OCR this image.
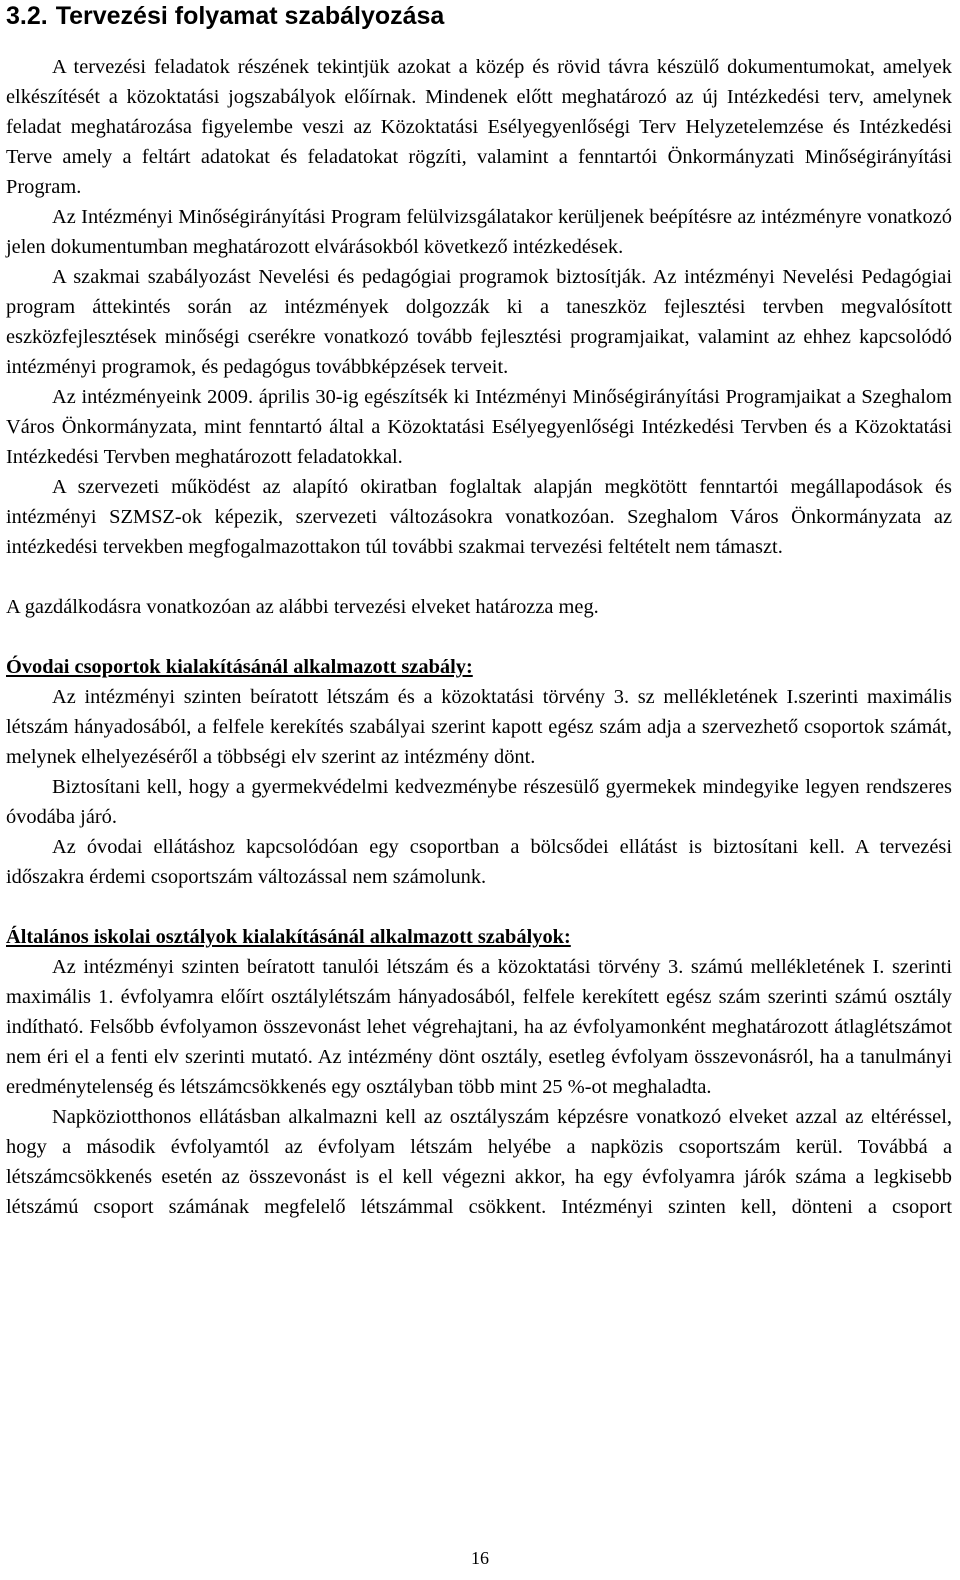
3.2. Tervezési folyamat szabályozása

A tervezési feladatok részének tekintjük azokat a közép és rövid távra készülő dokumentumokat, amelyek elkészítését a közoktatási jogszabályok előírnak. Mindenek előtt meghatározó az új Intézkedési terv, amelynek feladat meghatározása figyelembe veszi az Közoktatási Esélyegyenlőségi Terv Helyzetelemzése és Intézkedési Terve amely a feltárt adatokat és feladatokat rögzíti, valamint a fenntartói Önkormányzati Minőségirányítási Program.

Az Intézményi Minőségirányítási Program felülvizsgálatakor kerüljenek beépítésre az intézményre vonatkozó jelen dokumentumban meghatározott elvárásokból következő intézkedések.

A szakmai szabályozást Nevelési és pedagógiai programok biztosítják. Az intézményi Nevelési Pedagógiai program áttekintés során az intézmények dolgozzák ki a taneszköz fejlesztési tervben megvalósított eszközfejlesztések minőségi cserékre vonatkozó tovább fejlesztési programjaikat, valamint az ehhez kapcsolódó intézményi programok, és pedagógus továbbképzések terveit.

Az intézményeink 2009. április 30-ig egészítsék ki Intézményi Minőségirányítási Programjaikat a Szeghalom Város Önkormányzata, mint fenntartó által a Közoktatási Esélyegyenlőségi Intézkedési Tervben és a Közoktatási Intézkedési Tervben meghatározott feladatokkal.

A szervezeti működést az alapító okiratban foglaltak alapján megkötött fenntartói megállapodások és intézményi SZMSZ-ok képezik, szervezeti változásokra vonatkozóan. Szeghalom Város Önkormányzata az intézkedési tervekben megfogalmazottakon túl további szakmai tervezési feltételt nem támaszt.

A gazdálkodásra vonatkozóan az alábbi tervezési elveket határozza meg.

Óvodai csoportok kialakításánál alkalmazott szabály:

Az intézményi szinten beíratott létszám és a közoktatási törvény 3. sz mellékletének I.szerinti maximális létszám hányadosából, a felfele kerekítés szabályai szerint kapott egész szám adja a szervezhető csoportok számát, melynek elhelyezéséről a többségi elv szerint az intézmény dönt.

Biztosítani kell, hogy a gyermekvédelmi kedvezménybe részesülő gyermekek mindegyike legyen rendszeres óvodába járó.

Az óvodai ellátáshoz kapcsolódóan egy csoportban a bölcsődei ellátást is biztosítani kell. A tervezési időszakra érdemi csoportszám változással nem számolunk.

Általános iskolai osztályok kialakításánál alkalmazott szabályok:

Az intézményi szinten beíratott tanulói létszám és a közoktatási törvény 3. számú mellékletének I. szerinti maximális 1. évfolyamra előírt osztálylétszám hányadosából, felfele kerekített egész szám szerinti számú osztály indítható. Felsőbb évfolyamon összevonást lehet végrehajtani, ha az évfolyamonként meghatározott átlaglétszámot nem éri el a fenti elv szerinti mutató. Az intézmény dönt osztály, esetleg évfolyam összevonásról, ha a tanulmányi eredménytelenség és létszámcsökkenés egy osztályban több mint 25 %-ot meghaladta.

Napköziotthonos ellátásban alkalmazni kell az osztályszám képzésre vonatkozó elveket azzal az eltéréssel, hogy a második évfolyamtól az évfolyam létszám helyébe a napközis csoportszám kerül. Továbbá a létszámcsökkenés esetén az összevonást is el kell végezni akkor, ha egy évfolyamra járók száma a legkisebb létszámú csoport számának megfelelő létszámmal csökkent. Intézményi szinten kell, dönteni a csoport

16
